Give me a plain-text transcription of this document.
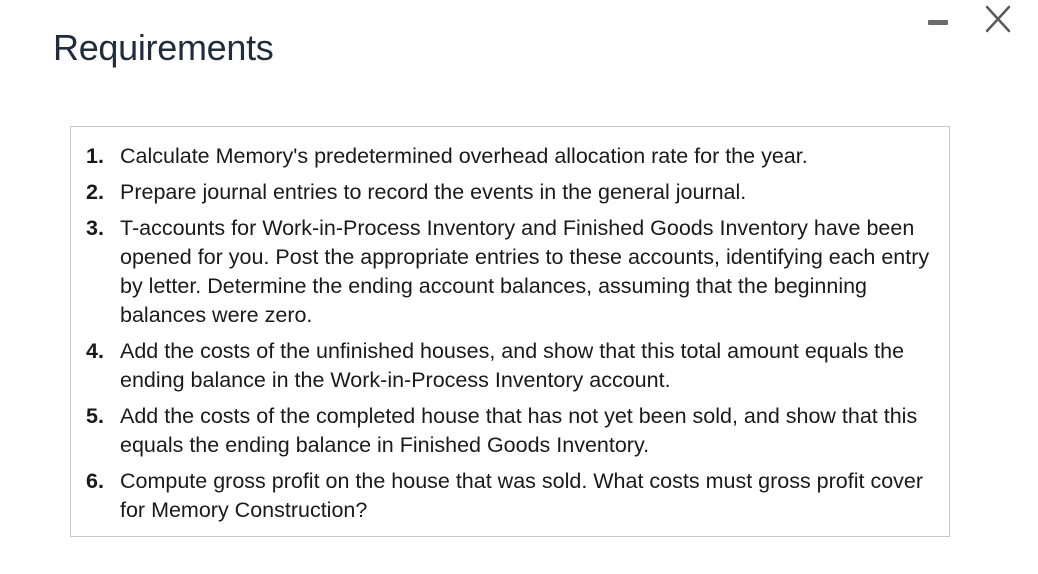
Requirements
1. Calculate Memory's predetermined overhead allocation rate for the year.
2. Prepare journal entries to record the events in the general journal.
3. T-accounts for Work-in-Process Inventory and Finished Goods Inventory have been opened for you. Post the appropriate entries to these accounts, identifying each entry by letter. Determine the ending account balances, assuming that the beginning balances were zero.
4. Add the costs of the unfinished houses, and show that this total amount equals the ending balance in the Work-in-Process Inventory account.
5. Add the costs of the completed house that has not yet been sold, and show that this equals the ending balance in Finished Goods Inventory.
6. Compute gross profit on the house that was sold. What costs must gross profit cover for Memory Construction?
